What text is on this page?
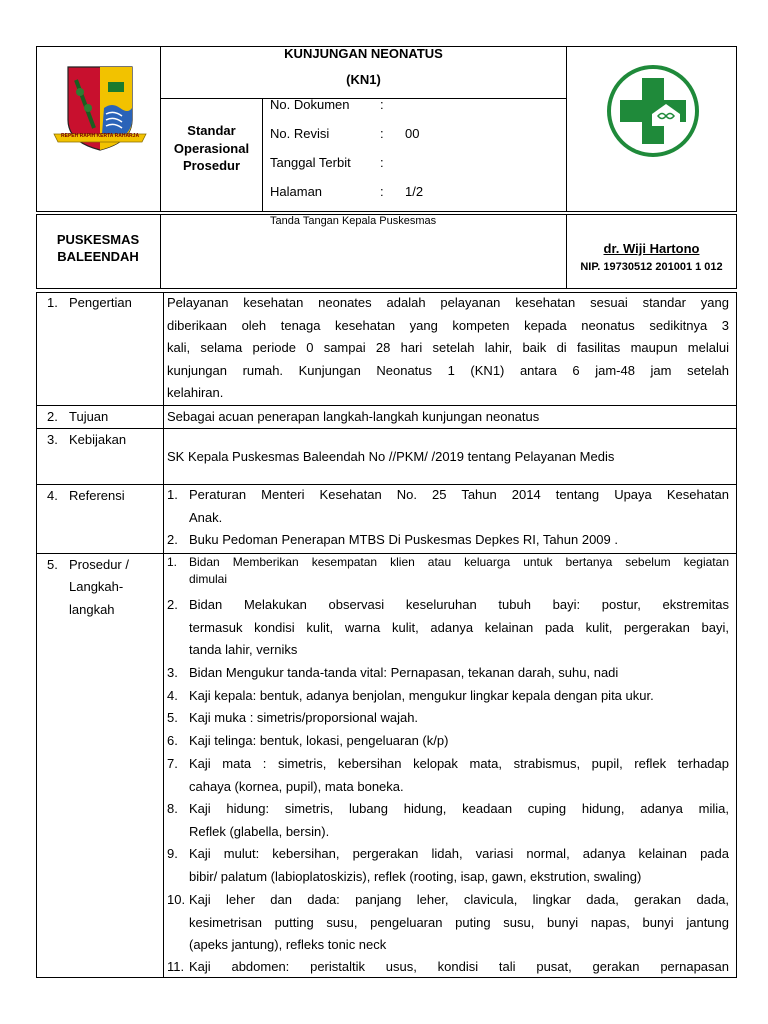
REPEH RAPIH KERTA RAHARJA
KUNJUNGAN NEONATUS
(KN1)
Standar
Operasional
Prosedur
No. Dokumen :
No. Revisi	: 00
Tanggal Terbit :
Halaman	: 1/2
PUSKESMAS
BALEENDAH
Tanda Tangan Kepala Puskesmas
dr. Wiji Hartono
NIP. 19730512 201001 1 012
1. Pengertian	Pelayanan kesehatan neonates adalah pelayanan kesehatan sesuai standar yang
diberikaan oleh tenaga kesehatan yang kompeten kepada neonatus sedikitnya 3
kali, selama periode 0 sampai 28 hari setelah lahir, baik di fasilitas maupun melalui
kunjungan rumah. Kunjungan Neonatus 1 (KN1) antara 6 jam-48 jam setelah
kelahiran.
2. Tujuan	Sebagai acuan penerapan langkah-langkah kunjungan neonatus
3. Kebijakan
SK Kepala Puskesmas Baleendah No //PKM/ /2019 tentang Pelayanan Medis
4. Referensi	1. Peraturan Menteri Kesehatan No. 25 Tahun 2014 tentang Upaya Kesehatan
Anak.
2. Buku Pedoman Penerapan MTBS Di Puskesmas Depkes RI, Tahun 2009 .
5. Prosedur /
Langkah-
langkah
1. Bidan Memberikan kesempatan klien atau keluarga untuk bertanya sebelum kegiatan
dimulai
2. Bidan Melakukan observasi keseluruhan tubuh bayi: postur, ekstremitas
termasuk kondisi kulit, warna kulit, adanya kelainan pada kulit, pergerakan bayi,
tanda lahir, verniks
3. Bidan Mengukur tanda-tanda vital: Pernapasan, tekanan darah, suhu, nadi
4. Kaji kepala: bentuk, adanya benjolan, mengukur lingkar kepala dengan pita ukur.
5. Kaji muka : simetris/proporsional wajah.
6. Kaji telinga: bentuk, lokasi, pengeluaran (k/p)
7. Kaji mata : simetris, kebersihan kelopak mata, strabismus, pupil, reflek terhadap
cahaya (kornea, pupil), mata boneka.
8. Kaji hidung: simetris, lubang hidung, keadaan cuping hidung, adanya milia,
Reflek (glabella, bersin).
9. Kaji mulut: kebersihan, pergerakan lidah, variasi normal, adanya kelainan pada
bibir/ palatum (labioplatoskizis), reflek (rooting, isap, gawn, ekstrution, swaling)
10. Kaji leher dan dada: panjang leher, clavicula, lingkar dada, gerakan dada,
kesimetrisan putting susu, pengeluaran puting susu, bunyi napas, bunyi jantung
(apeks jantung), refleks tonic neck
11. Kaji abdomen: peristaltik usus, kondisi tali pusat, gerakan pernapasan
